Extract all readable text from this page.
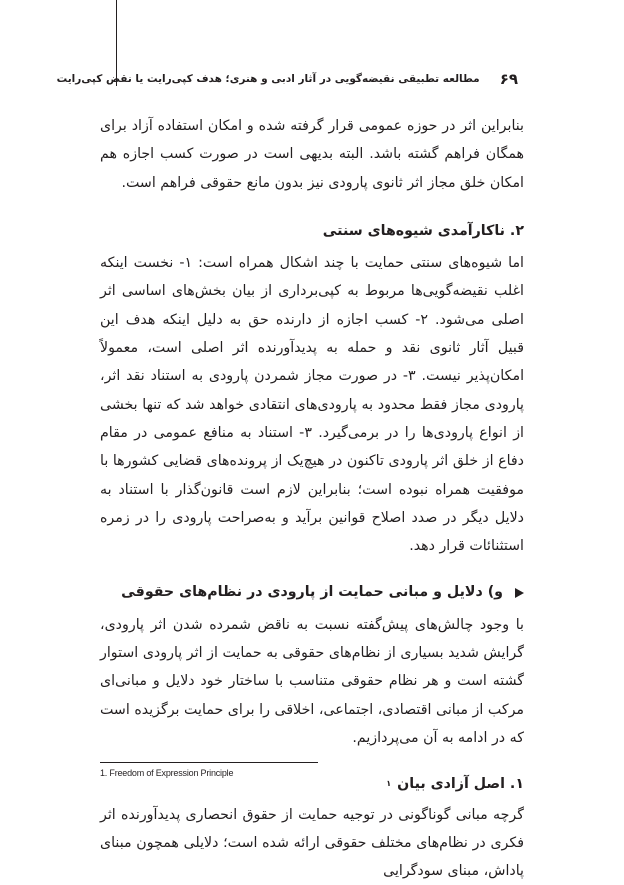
۶۹
مطالعه تطبیقی نقیضه‌گویی در آثار ادبی و هنری؛ هدف کپی‌رایت یا نقض کپی‌رایت

بنابراین اثر در حوزه عمومی قرار گرفته شده و امکان استفاده آزاد برای همگان فراهم گشته باشد. البته بدیهی است در صورت کسب اجازه هم امکان خلق مجاز اثر ثانوی پارودی نیز بدون مانع حقوقی فراهم است.

۲. ناکارآمدی شیوه‌های سنتی

اما شیوه‌های سنتی حمایت با چند اشکال همراه است: ۱- نخست اینکه اغلب نقیضه‌گویی‌ها مربوط به کپی‌برداری از بیان بخش‌های اساسی اثر اصلی می‌شود. ۲- کسب اجازه از دارنده حق به دلیل اینکه هدف این قبیل آثار ثانوی نقد و حمله به پدیدآورنده اثر اصلی است، معمولاً امکان‌پذیر نیست. ۳- در صورت مجاز شمردن پارودی به استناد نقد اثر، پارودی مجاز فقط محدود به پارودی‌های انتقادی خواهد شد که تنها بخشی از انواع پارودی‌ها را در برمی‌گیرد. ۳- استناد به منافع عمومی در مقام دفاع از خلق اثر پارودی تاکنون در هیچ‌یک از پرونده‌های قضایی کشورها با موفقیت همراه نبوده است؛ بنابراین لازم است قانون‌گذار با استناد به دلایل دیگر در صدد اصلاح قوانین برآید و به‌صراحت پارودی را در زمره استثنائات قرار دهد.

و) دلایل و مبانی حمایت از پارودی در نظام‌های حقوقی

با وجود چالش‌های پیش‌گفته نسبت به ناقض شمرده شدن اثر پارودی، گرایش شدید بسیاری از نظام‌های حقوقی به حمایت از اثر پارودی استوار گشته است و هر نظام حقوقی متناسب با ساختار خود دلایل و مبانی‌ای مرکب از مبانی اقتصادی، اجتماعی، اخلاقی را برای حمایت برگزیده است که در ادامه به آن می‌پردازیم.

۱. اصل آزادی بیان
۱

گرچه مبانی گوناگونی در توجیه حمایت از حقوق انحصاری پدیدآورنده اثر فکری در نظام‌های مختلف حقوقی ارائه شده است؛ دلایلی همچون مبنای پاداش، مبنای سودگرایی

1. Freedom of Expression Principle
